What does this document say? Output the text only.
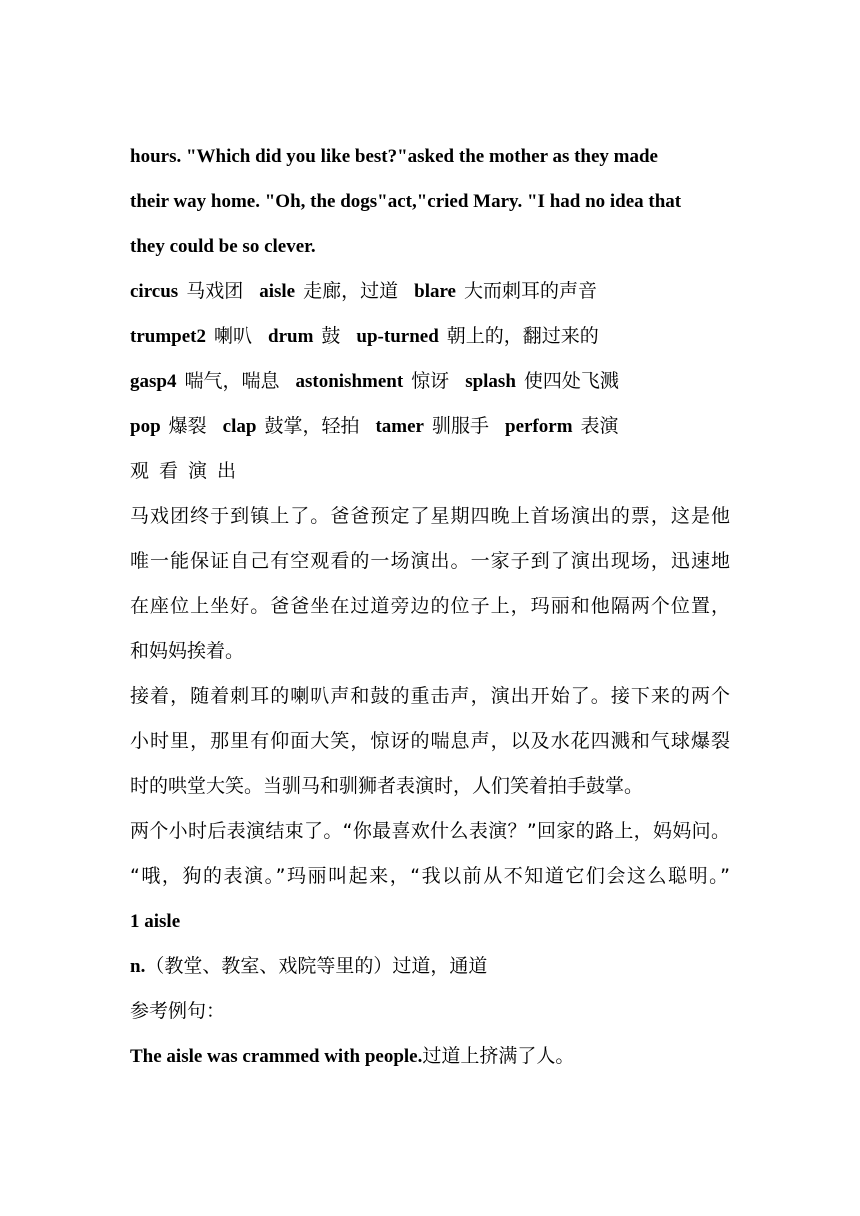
hours. "Which did you like best?"asked the mother as they made
their way home. "Oh, the dogs"act,"cried Mary. "I had no idea that
they could be so clever.
circus 马戏团 aisle 走廊，过道 blare 大而刺耳的声音
trumpet2 喇叭 drum 鼓 up-turned 朝上的，翻过来的
gasp4 喘气，喘息 astonishment 惊讶 splash 使四处飞溅
pop 爆裂 clap 鼓掌，轻拍 tamer 驯服手 perform 表演
观看演出
马戏团终于到镇上了。爸爸预定了星期四晚上首场演出的票，这是他
唯一能保证自己有空观看的一场演出。一家子到了演出现场，迅速地
在座位上坐好。爸爸坐在过道旁边的位子上，玛丽和他隔两个位置，
和妈妈挨着。
接着，随着刺耳的喇叭声和鼓的重击声，演出开始了。接下来的两个
小时里，那里有仰面大笑，惊讶的喘息声，以及水花四溅和气球爆裂
时的哄堂大笑。当驯马和驯狮者表演时，人们笑着拍手鼓掌。
两个小时后表演结束了。“你最喜欢什么表演？”回家的路上，妈妈问。
“哦，狗的表演。”玛丽叫起来，“我以前从不知道它们会这么聪明。”
1 aisle
n.（教堂、教室、戏院等里的）过道，通道
参考例句：
The aisle was crammed with people.过道上挤满了人。
